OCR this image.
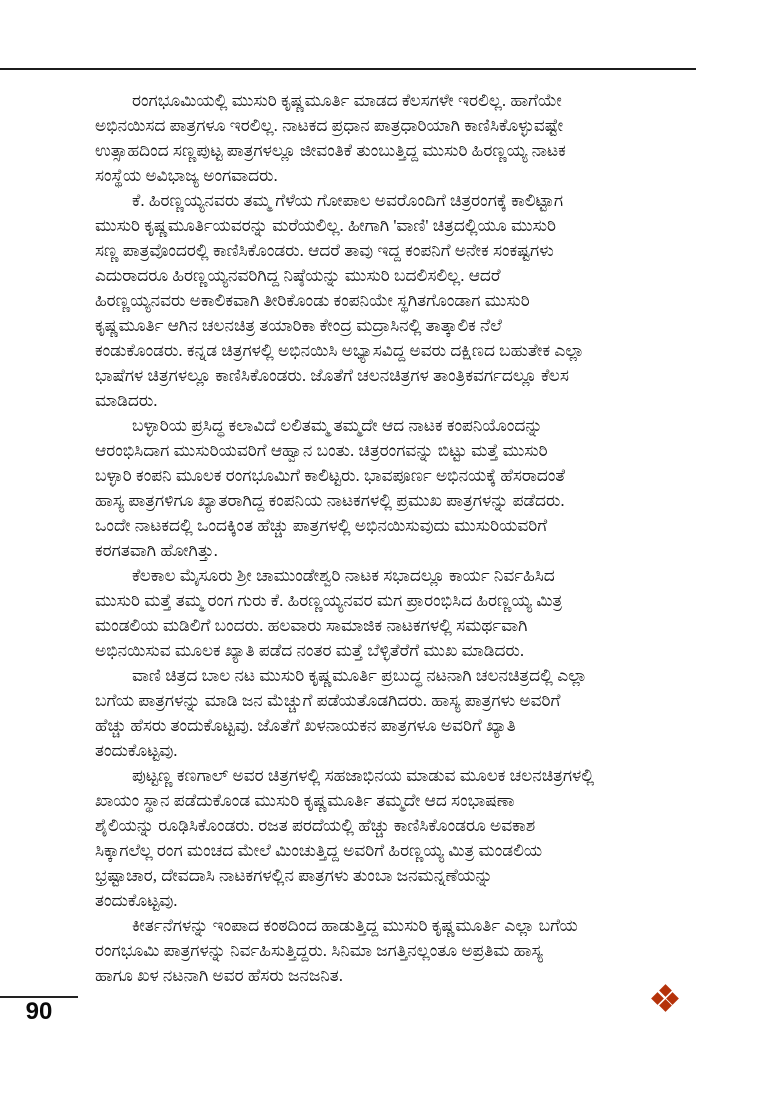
ರಂಗಭೂಮಿಯಲ್ಲಿ ಮುಸುರಿ ಕೃಷ್ಣಮೂರ್ತಿ ಮಾಡದ ಕೆಲಸಗಳೇ ಇರಲಿಲ್ಲ. ಹಾಗೆಯೇ
ಅಭಿನಯಿಸದ ಪಾತ್ರಗಳೂ ಇರಲಿಲ್ಲ. ನಾಟಕದ ಪ್ರಧಾನ ಪಾತ್ರಧಾರಿಯಾಗಿ ಕಾಣಿಸಿಕೊಳ್ಳುವಷ್ಟೇ
ಉತ್ಸಾಹದಿಂದ ಸಣ್ಣಪುಟ್ಟ ಪಾತ್ರಗಳಲ್ಲೂ ಜೀವಂತಿಕೆ ತುಂಬುತ್ತಿದ್ದ ಮುಸುರಿ ಹಿರಣ್ಣಯ್ಯ ನಾಟಕ
ಸಂಸ್ಥೆಯ ಅವಿಭಾಜ್ಯ ಅಂಗವಾದರು.
ಕೆ. ಹಿರಣ್ಣಯ್ಯನವರು ತಮ್ಮ ಗೆಳೆಯ ಗೋಪಾಲ ಅವರೊಂದಿಗೆ ಚಿತ್ರರಂಗಕ್ಕೆ ಕಾಲಿಟ್ಟಾಗ
ಮುಸುರಿ ಕೃಷ್ಣಮೂರ್ತಿಯವರನ್ನು ಮರೆಯಲಿಲ್ಲ. ಹೀಗಾಗಿ 'ವಾಣಿ' ಚಿತ್ರದಲ್ಲಿಯೂ ಮುಸುರಿ
ಸಣ್ಣ ಪಾತ್ರವೊಂದರಲ್ಲಿ ಕಾಣಿಸಿಕೊಂಡರು. ಆದರೆ ತಾವು ಇದ್ದ ಕಂಪನಿಗೆ ಅನೇಕ ಸಂಕಷ್ಟಗಳು
ಎದುರಾದರೂ ಹಿರಣ್ಣಯ್ಯನವರಿಗಿದ್ದ ನಿಷ್ಠೆಯನ್ನು ಮುಸುರಿ ಬದಲಿಸಲಿಲ್ಲ. ಆದರೆ
ಹಿರಣ್ಣಯ್ಯನವರು ಅಕಾಲಿಕವಾಗಿ ತೀರಿಕೊಂಡು ಕಂಪನಿಯೇ ಸ್ಥಗಿತಗೊಂಡಾಗ ಮುಸುರಿ
ಕೃಷ್ಣಮೂರ್ತಿ ಆಗಿನ ಚಲನಚಿತ್ರ ತಯಾರಿಕಾ ಕೇಂದ್ರ ಮದ್ರಾಸಿನಲ್ಲಿ ತಾತ್ಕಾಲಿಕ ನೆಲೆ
ಕಂಡುಕೊಂಡರು. ಕನ್ನಡ ಚಿತ್ರಗಳಲ್ಲಿ ಅಭಿನಯಿಸಿ ಅಭ್ಯಾಸವಿದ್ದ ಅವರು ದಕ್ಷಿಣದ ಬಹುತೇಕ ಎಲ್ಲಾ
ಭಾಷೆಗಳ ಚಿತ್ರಗಳಲ್ಲೂ ಕಾಣಿಸಿಕೊಂಡರು. ಜೊತೆಗೆ ಚಲನಚಿತ್ರಗಳ ತಾಂತ್ರಿಕವರ್ಗದಲ್ಲೂ ಕೆಲಸ
ಮಾಡಿದರು.
ಬಳ್ಳಾರಿಯ ಪ್ರಸಿದ್ಧ ಕಲಾವಿದೆ ಲಲಿತಮ್ಮ ತಮ್ಮದೇ ಆದ ನಾಟಕ ಕಂಪನಿಯೊಂದನ್ನು
ಆರಂಭಿಸಿದಾಗ ಮುಸುರಿಯವರಿಗೆ ಆಹ್ವಾನ ಬಂತು. ಚಿತ್ರರಂಗವನ್ನು ಬಿಟ್ಟು ಮತ್ತೆ ಮುಸುರಿ
ಬಳ್ಳಾರಿ ಕಂಪನಿ ಮೂಲಕ ರಂಗಭೂಮಿಗೆ ಕಾಲಿಟ್ಟರು. ಭಾವಪೂರ್ಣ ಅಭಿನಯಕ್ಕೆ ಹೆಸರಾದಂತೆ
ಹಾಸ್ಯ ಪಾತ್ರಗಳಿಗೂ ಖ್ಯಾತರಾಗಿದ್ದ ಕಂಪನಿಯ ನಾಟಕಗಳಲ್ಲಿ ಪ್ರಮುಖ ಪಾತ್ರಗಳನ್ನು ಪಡೆದರು.
ಒಂದೇ ನಾಟಕದಲ್ಲಿ ಒಂದಕ್ಕಿಂತ ಹೆಚ್ಚು ಪಾತ್ರಗಳಲ್ಲಿ ಅಭಿನಯಿಸುವುದು ಮುಸುರಿಯವರಿಗೆ
ಕರಗತವಾಗಿ ಹೋಗಿತ್ತು.
ಕೆಲಕಾಲ ಮೈಸೂರು ಶ್ರೀ ಚಾಮುಂಡೇಶ್ವರಿ ನಾಟಕ ಸಭಾದಲ್ಲೂ ಕಾರ್ಯ ನಿರ್ವಹಿಸಿದ
ಮುಸುರಿ ಮತ್ತೆ ತಮ್ಮ ರಂಗ ಗುರು ಕೆ. ಹಿರಣ್ಣಯ್ಯನವರ ಮಗ ಪ್ರಾರಂಭಿಸಿದ ಹಿರಣ್ಣಯ್ಯ ಮಿತ್ರ
ಮಂಡಲಿಯ ಮಡಿಲಿಗೆ ಬಂದರು. ಹಲವಾರು ಸಾಮಾಜಿಕ ನಾಟಕಗಳಲ್ಲಿ ಸಮರ್ಥವಾಗಿ
ಅಭಿನಯಿಸುವ ಮೂಲಕ ಖ್ಯಾತಿ ಪಡೆದ ನಂತರ ಮತ್ತೆ ಬೆಳ್ಳಿತೆರೆಗೆ ಮುಖ ಮಾಡಿದರು.
ವಾಣಿ ಚಿತ್ರದ ಬಾಲ ನಟ ಮುಸುರಿ ಕೃಷ್ಣಮೂರ್ತಿ ಪ್ರಬುದ್ಧ ನಟನಾಗಿ ಚಲನಚಿತ್ರದಲ್ಲಿ ಎಲ್ಲಾ
ಬಗೆಯ ಪಾತ್ರಗಳನ್ನು ಮಾಡಿ ಜನ ಮೆಚ್ಚುಗೆ ಪಡೆಯತೊಡಗಿದರು. ಹಾಸ್ಯ ಪಾತ್ರಗಳು ಅವರಿಗೆ
ಹೆಚ್ಚು ಹೆಸರು ತಂದುಕೊಟ್ಟವು. ಜೊತೆಗೆ ಖಳನಾಯಕನ ಪಾತ್ರಗಳೂ ಅವರಿಗೆ ಖ್ಯಾತಿ
ತಂದುಕೊಟ್ಟವು.
ಪುಟ್ಟಣ್ಣ ಕಣಗಾಲ್ ಅವರ ಚಿತ್ರಗಳಲ್ಲಿ ಸಹಜಾಭಿನಯ ಮಾಡುವ ಮೂಲಕ ಚಲನಚಿತ್ರಗಳಲ್ಲಿ
ಖಾಯಂ ಸ್ಥಾನ ಪಡೆದುಕೊಂಡ ಮುಸುರಿ ಕೃಷ್ಣಮೂರ್ತಿ ತಮ್ಮದೇ ಆದ ಸಂಭಾಷಣಾ
ಶೈಲಿಯನ್ನು ರೂಢಿಸಿಕೊಂಡರು. ರಜತ ಪರದೆಯಲ್ಲಿ ಹೆಚ್ಚು ಕಾಣಿಸಿಕೊಂಡರೂ ಅವಕಾಶ
ಸಿಕ್ಕಾಗಲೆಲ್ಲ ರಂಗ ಮಂಚದ ಮೇಲೆ ಮಿಂಚುತ್ತಿದ್ದ ಅವರಿಗೆ ಹಿರಣ್ಣಯ್ಯ ಮಿತ್ರ ಮಂಡಲಿಯ
ಭ್ರಷ್ಟಾಚಾರ, ದೇವದಾಸಿ ನಾಟಕಗಳಲ್ಲಿನ ಪಾತ್ರಗಳು ತುಂಬಾ ಜನಮನ್ನಣೆಯನ್ನು
ತಂದುಕೊಟ್ಟವು.
ಕೀರ್ತನೆಗಳನ್ನು ಇಂಪಾದ ಕಂಠದಿಂದ ಹಾಡುತ್ತಿದ್ದ ಮುಸುರಿ ಕೃಷ್ಣಮೂರ್ತಿ ಎಲ್ಲಾ ಬಗೆಯ
ರಂಗಭೂಮಿ ಪಾತ್ರಗಳನ್ನು ನಿರ್ವಹಿಸುತ್ತಿದ್ದರು. ಸಿನಿಮಾ ಜಗತ್ತಿನಲ್ಲಂತೂ ಅಪ್ರತಿಮ ಹಾಸ್ಯ
ಹಾಗೂ ಖಳ ನಟನಾಗಿ ಅವರ ಹೆಸರು ಜನಜನಿತ.
90
